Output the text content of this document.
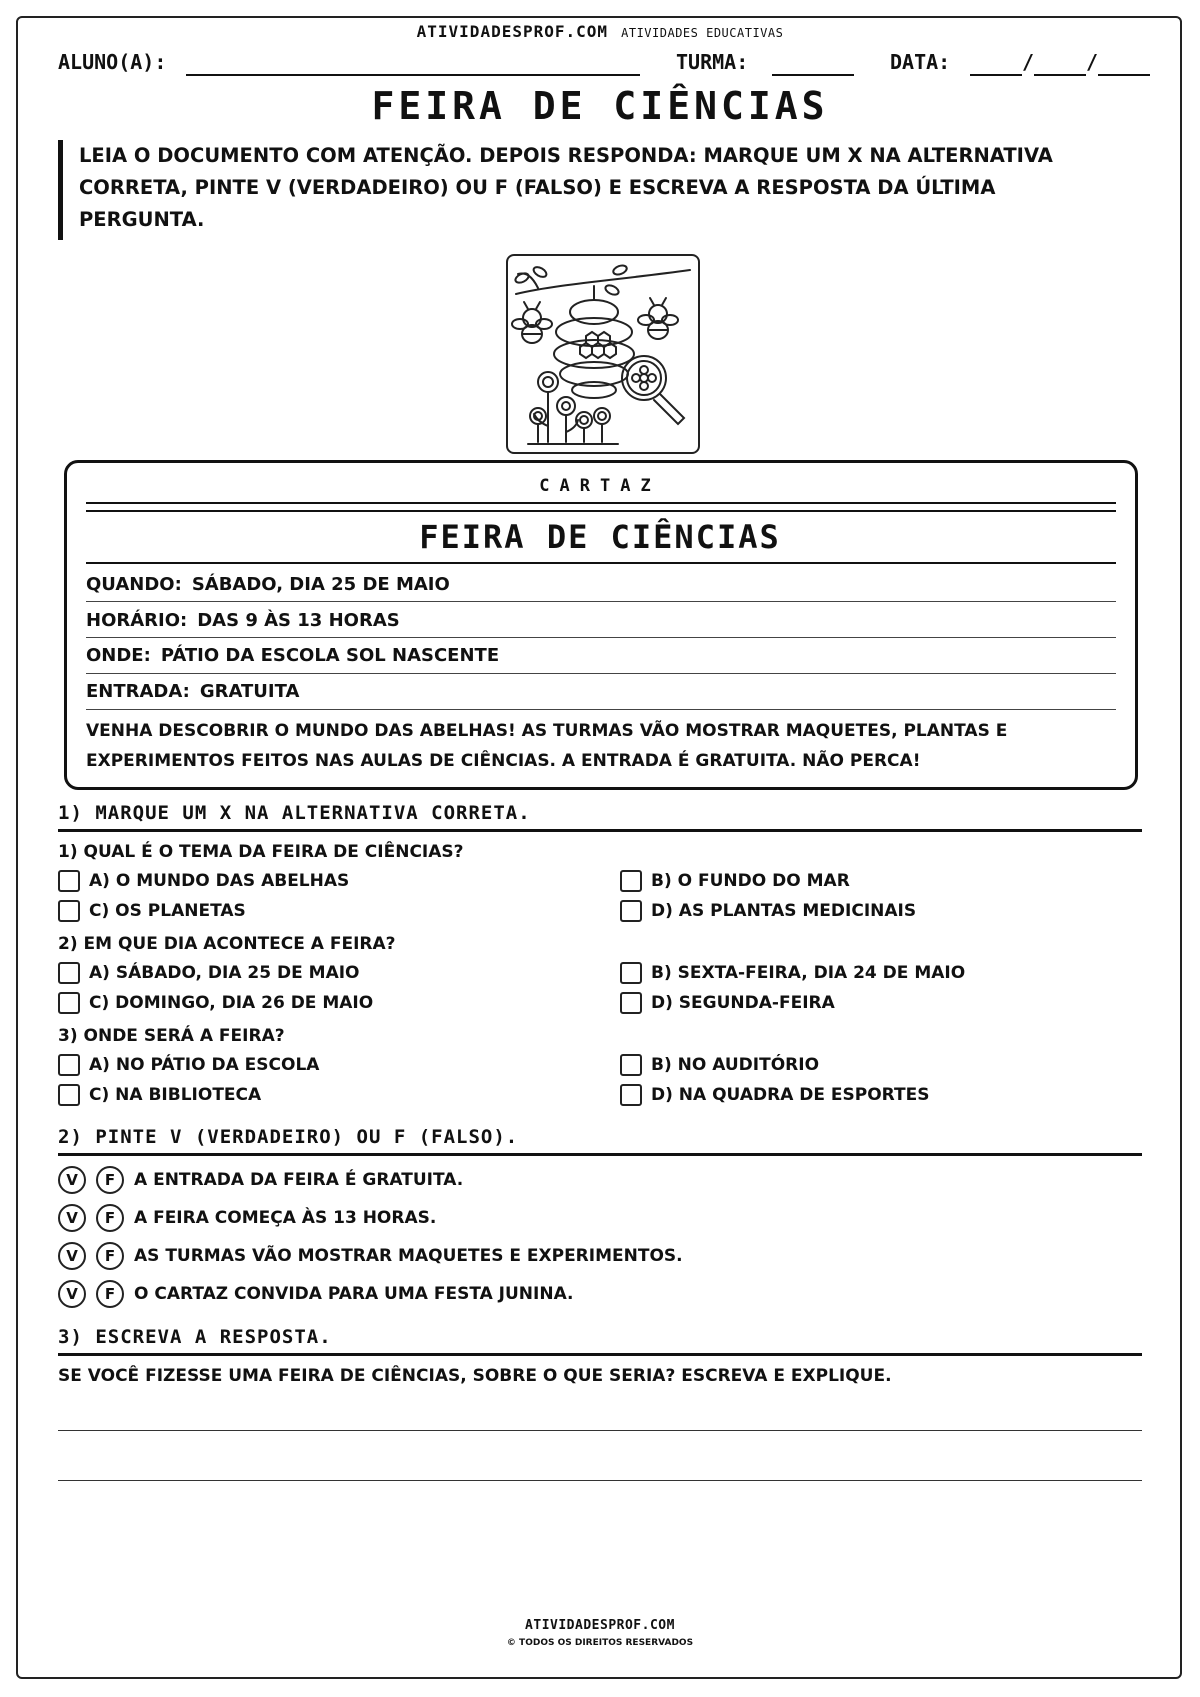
ATIVIDADESPROF.COM ATIVIDADES EDUCATIVAS
ALUNO(A):	TURMA:	DATA:	/	/
FEIRA DE CIÊNCIAS
LEIA O DOCUMENTO COM ATENÇÃO. DEPOIS RESPONDA: MARQUE UM X NA ALTERNATIVA CORRETA, PINTE V (VERDADEIRO) OU F (FALSO) E ESCREVA A RESPOSTA DA ÚLTIMA PERGUNTA.
CARTAZ
FEIRA DE CIÊNCIAS
QUANDO: SÁBADO, DIA 25 DE MAIO
HORÁRIO: DAS 9 ÀS 13 HORAS
ONDE: PÁTIO DA ESCOLA SOL NASCENTE
ENTRADA: GRATUITA
VENHA DESCOBRIR O MUNDO DAS ABELHAS! AS TURMAS VÃO MOSTRAR MAQUETES, PLANTAS E
EXPERIMENTOS FEITOS NAS AULAS DE CIÊNCIAS. A ENTRADA É GRATUITA. NÃO PERCA!
1) MARQUE UM X NA ALTERNATIVA CORRETA.
1) QUAL É O TEMA DA FEIRA DE CIÊNCIAS?
A) O MUNDO DAS ABELHAS	B) O FUNDO DO MAR
C) OS PLANETAS	D) AS PLANTAS MEDICINAIS
2) EM QUE DIA ACONTECE A FEIRA?
A) SÁBADO, DIA 25 DE MAIO	B) SEXTA-FEIRA, DIA 24 DE MAIO
C) DOMINGO, DIA 26 DE MAIO	D) SEGUNDA-FEIRA
3) ONDE SERÁ A FEIRA?
A) NO PÁTIO DA ESCOLA	B) NO AUDITÓRIO
C) NA BIBLIOTECA	D) NA QUADRA DE ESPORTES
2) PINTE V (VERDADEIRO) OU F (FALSO).
V	F	A ENTRADA DA FEIRA É GRATUITA.
V	F	A FEIRA COMEÇA ÀS 13 HORAS.
V	F	AS TURMAS VÃO MOSTRAR MAQUETES E EXPERIMENTOS.
V	F	O CARTAZ CONVIDA PARA UMA FESTA JUNINA.
3) ESCREVA A RESPOSTA.
SE VOCÊ FIZESSE UMA FEIRA DE CIÊNCIAS, SOBRE O QUE SERIA? ESCREVA E EXPLIQUE.
ATIVIDADESPROF.COM
© TODOS OS DIREITOS RESERVADOS
